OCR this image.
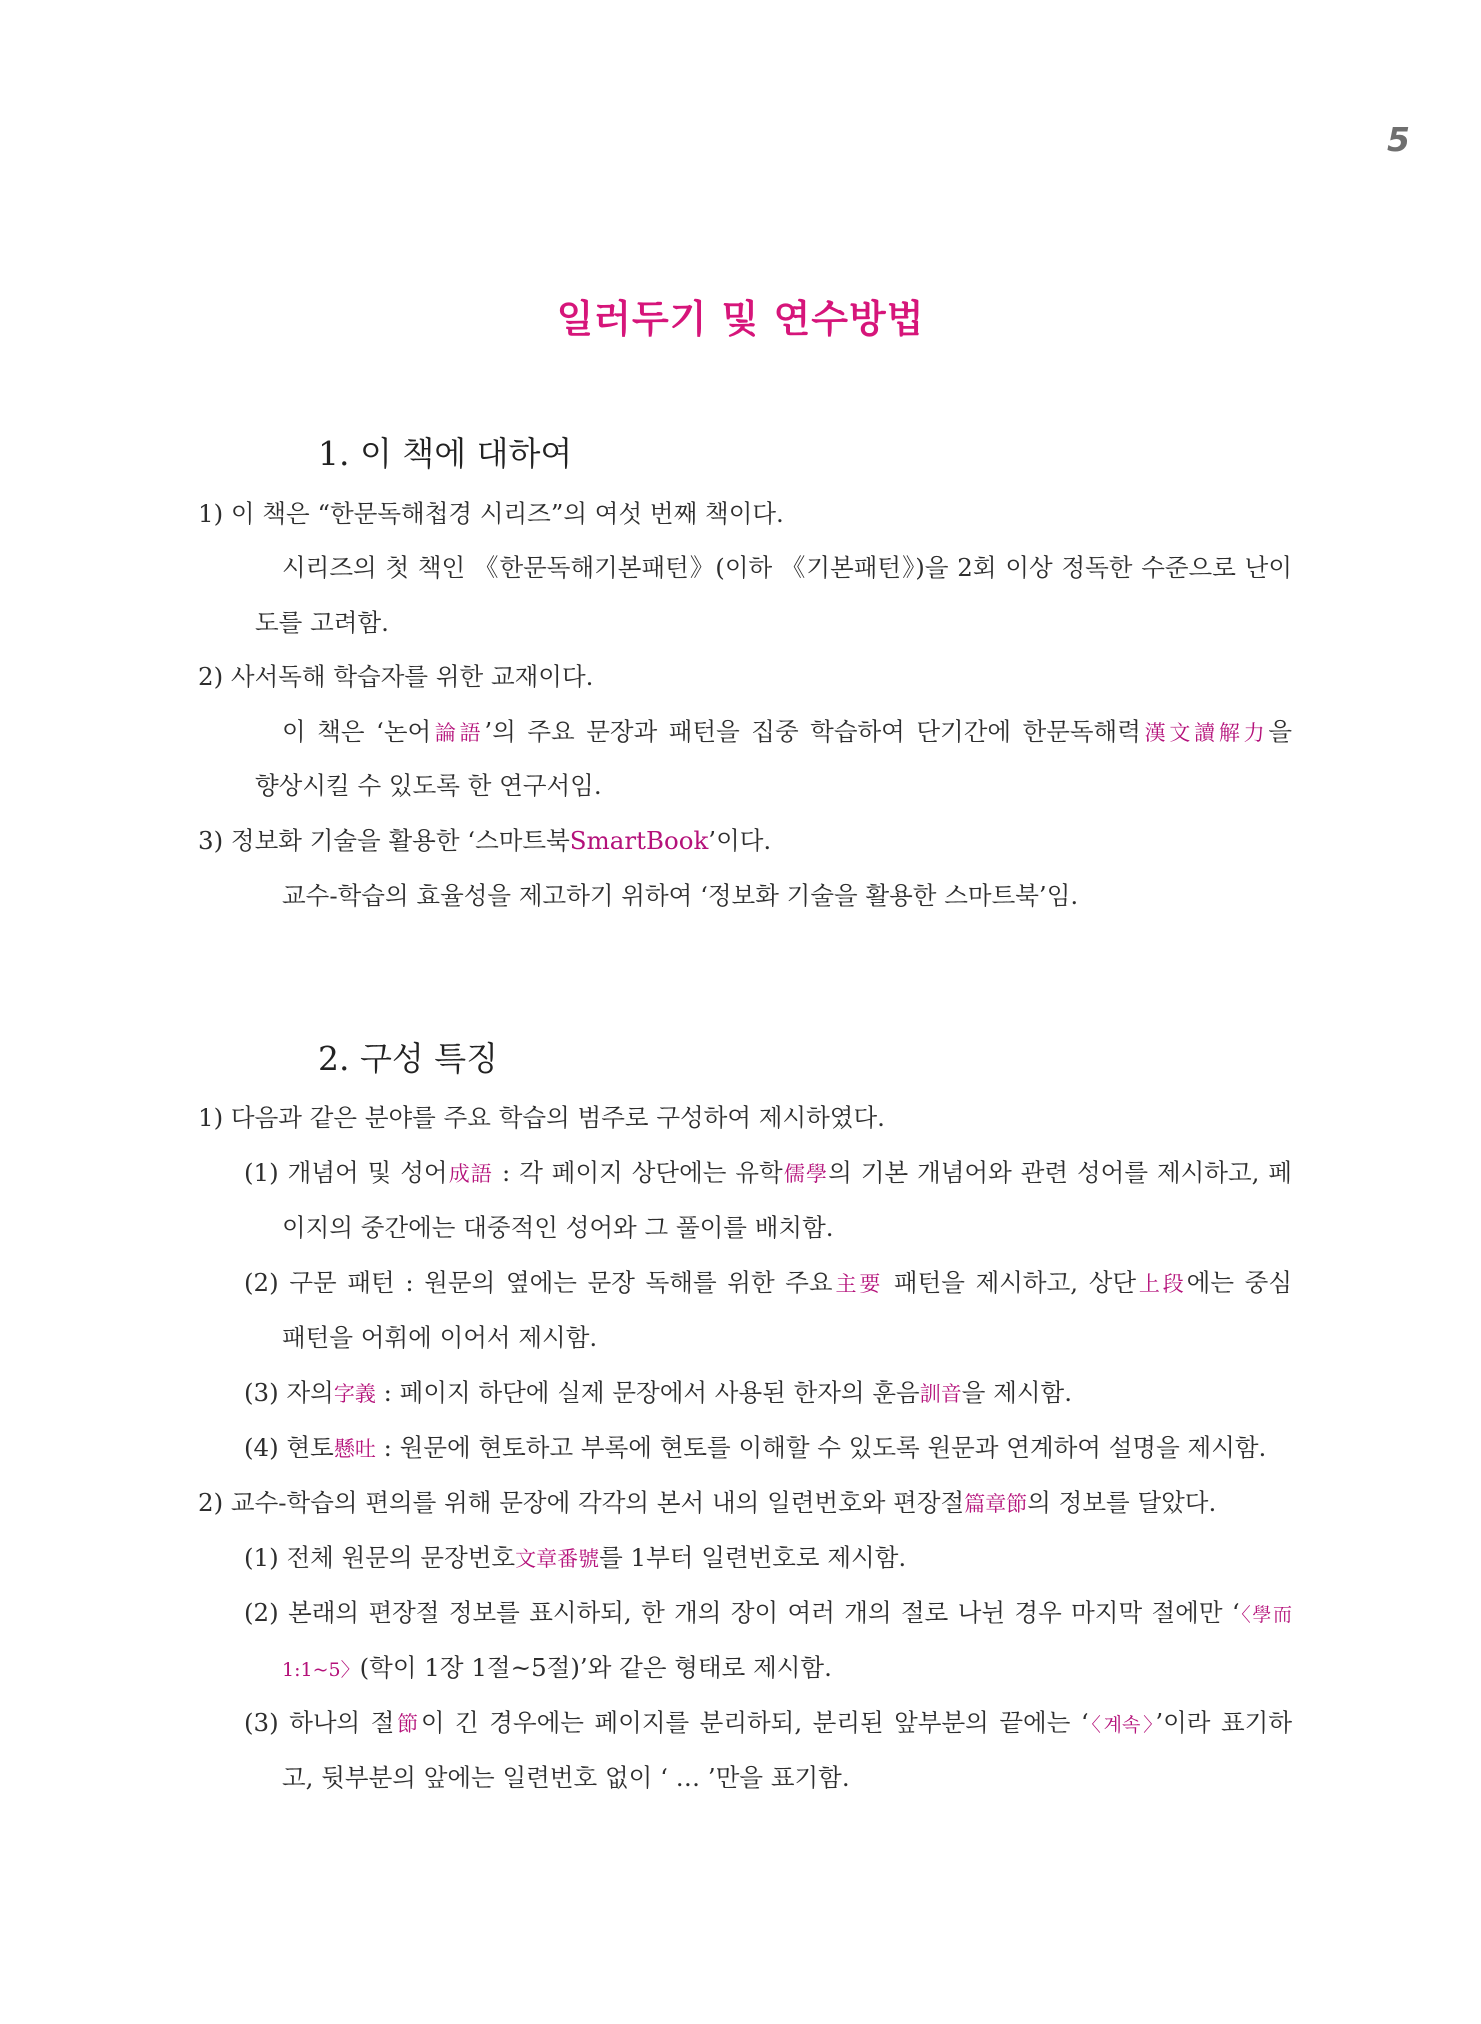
5
일러두기 및 연수방법
1. 이 책에 대하여
1) 이 책은 “한문독해첩경 시리즈”의 여섯 번째 책이다.
시리즈의 첫 책인 《한문독해기본패턴》(이하 《기본패턴》)을 2회 이상 정독한 수준으로 난이
도를 고려함.
2) 사서독해 학습자를 위한 교재이다.
이 책은 ‘논어論語’의 주요 문장과 패턴을 집중 학습하여 단기간에 한문독해력漢文讀解力을
향상시킬 수 있도록 한 연구서임.
3) 정보화 기술을 활용한 ‘스마트북SmartBook’이다.
교수-학습의 효율성을 제고하기 위하여 ‘정보화 기술을 활용한 스마트북’임.
2. 구성 특징
1) 다음과 같은 분야를 주요 학습의 범주로 구성하여 제시하였다.
(1) 개념어 및 성어成語 : 각 페이지 상단에는 유학儒學의 기본 개념어와 관련 성어를 제시하고, 페
이지의 중간에는 대중적인 성어와 그 풀이를 배치함.
(2) 구문 패턴 : 원문의 옆에는 문장 독해를 위한 주요主要 패턴을 제시하고, 상단上段에는 중심
패턴을 어휘에 이어서 제시함.
(3) 자의字義 : 페이지 하단에 실제 문장에서 사용된 한자의 훈음訓音을 제시함.
(4) 현토懸吐 : 원문에 현토하고 부록에 현토를 이해할 수 있도록 원문과 연계하여 설명을 제시함.
2) 교수-학습의 편의를 위해 문장에 각각의 본서 내의 일련번호와 편장절篇章節의 정보를 달았다.
(1) 전체 원문의 문장번호文章番號를 1부터 일련번호로 제시함.
(2) 본래의 편장절 정보를 표시하되, 한 개의 장이 여러 개의 절로 나뉜 경우 마지막 절에만 ‘〈學而
1:1~5〉(학이 1장 1절~5절)’와 같은 형태로 제시함.
(3) 하나의 절節이 긴 경우에는 페이지를 분리하되, 분리된 앞부분의 끝에는 ‘〈계속〉’이라 표기하
고, 뒷부분의 앞에는 일련번호 없이 ‘ … ’만을 표기함.
